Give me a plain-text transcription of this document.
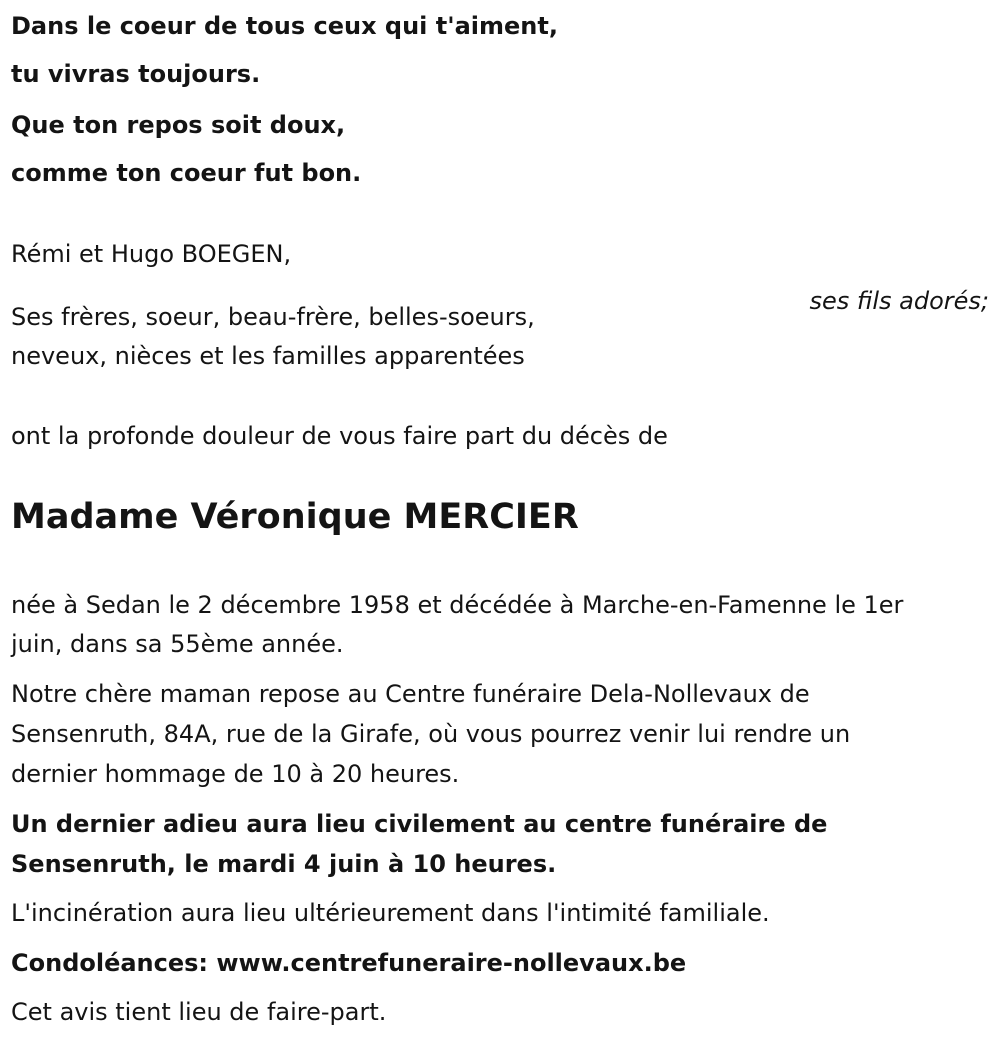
Dans le coeur de tous ceux qui t'aiment,

tu vivras toujours.

Que ton repos soit doux,

comme ton coeur fut bon.

Rémi et Hugo BOEGEN,

ses fils adorés;

Ses frères, soeur, beau-frère, belles-soeurs,

neveux, nièces et les familles apparentées

ont la profonde douleur de vous faire part du décès de

Madame Véronique MERCIER

née à Sedan le 2 décembre 1958 et décédée à Marche-en-Famenne le 1er

juin, dans sa 55ème année.

Notre chère maman repose au Centre funéraire Dela-Nollevaux de

Sensenruth, 84A, rue de la Girafe, où vous pourrez venir lui rendre un

dernier hommage de 10 à 20 heures.

Un dernier adieu aura lieu civilement au centre funéraire de

Sensenruth, le mardi 4 juin à 10 heures.

L'incinération aura lieu ultérieurement dans l'intimité familiale.

Condoléances: www.centrefuneraire-nollevaux.be

Cet avis tient lieu de faire-part.
